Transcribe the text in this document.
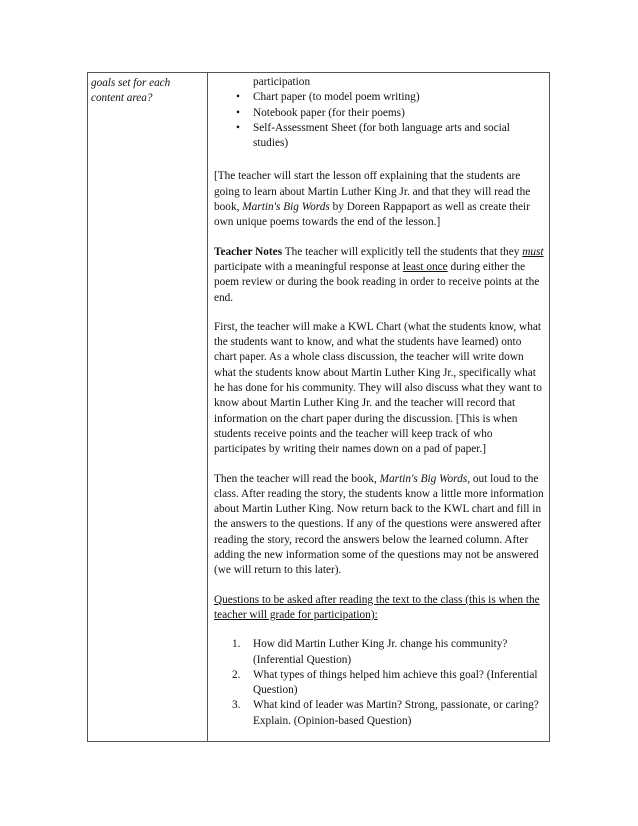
goals set for each content area?

participation

• Chart paper (to model poem writing)
• Notebook paper (for their poems)
• Self-Assessment Sheet (for both language arts and social studies)

[The teacher will start the lesson off explaining that the students are going to learn about Martin Luther King Jr. and that they will read the book, Martin's Big Words by Doreen Rappaport as well as create their own unique poems towards the end of the lesson.]

Teacher Notes The teacher will explicitly tell the students that they must participate with a meaningful response at least once during either the poem review or during the book reading in order to receive points at the end.

First, the teacher will make a KWL Chart (what the students know, what the students want to know, and what the students have learned) onto chart paper. As a whole class discussion, the teacher will write down what the students know about Martin Luther King Jr., specifically what he has done for his community. They will also discuss what they want to know about Martin Luther King Jr. and the teacher will record that information on the chart paper during the discussion. [This is when students receive points and the teacher will keep track of who participates by writing their names down on a pad of paper.]

Then the teacher will read the book, Martin's Big Words, out loud to the class. After reading the story, the students know a little more information about Martin Luther King. Now return back to the KWL chart and fill in the answers to the questions. If any of the questions were answered after reading the story, record the answers below the learned column. After adding the new information some of the questions may not be answered (we will return to this later).

Questions to be asked after reading the text to the class (this is when the teacher will grade for participation):

1. How did Martin Luther King Jr. change his community? (Inferential Question)
2. What types of things helped him achieve this goal? (Inferential Question)
3. What kind of leader was Martin? Strong, passionate, or caring? Explain. (Opinion-based Question)
